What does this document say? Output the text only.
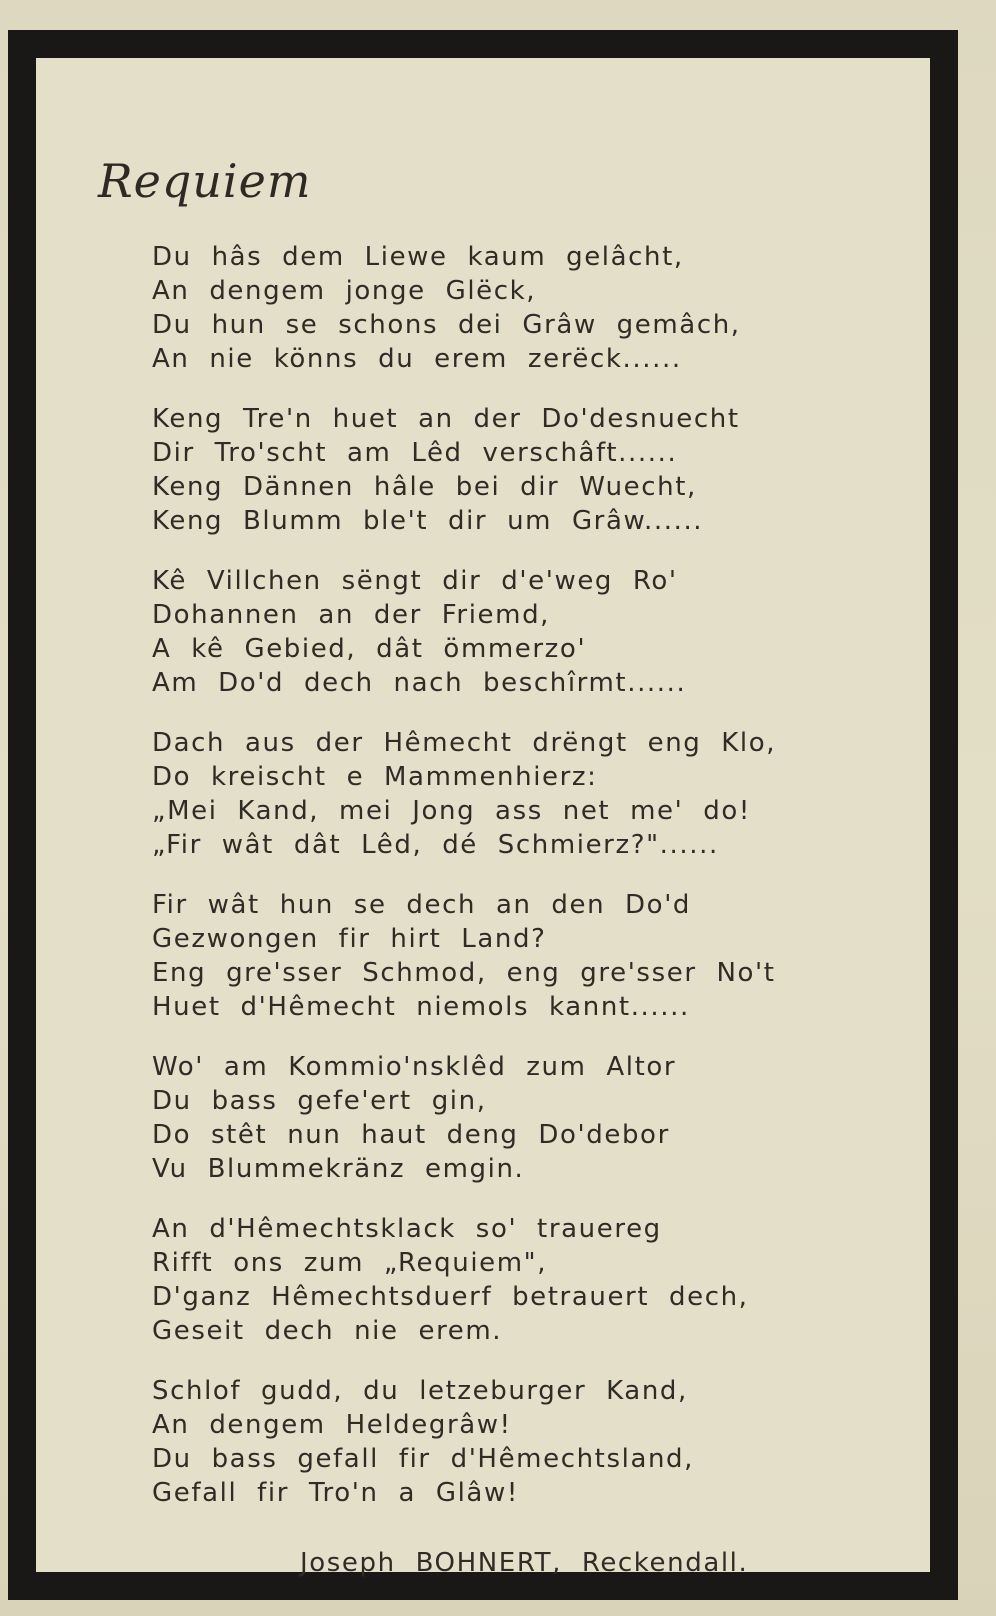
Requiem
Du hâs dem Liewe kaum gelâcht,
An dengem jonge Glëck,
Du hun se schons dei Grâw gemâch,
An nie könns du erem zerëck......
Keng Tre'n huet an der Do'desnuecht
Dir Tro'scht am Lêd verschâft......
Keng Dännen hâle bei dir Wuecht,
Keng Blumm ble't dir um Grâw......
Kê Villchen sëngt dir d'e'weg Ro'
Dohannen an der Friemd,
A kê Gebied, dât ömmerzo'
Am Do'd dech nach beschîrmt......
Dach aus der Hêmecht drëngt eng Klo,
Do kreischt e Mammenhierz:
„Mei Kand, mei Jong ass net me' do!
„Fir wât dât Lêd, dé Schmierz?"......
Fir wât hun se dech an den Do'd
Gezwongen fir hirt Land?
Eng gre'sser Schmod, eng gre'sser No't
Huet d'Hêmecht niemols kannt......
Wo' am Kommio'nsklêd zum Altor
Du bass gefe'ert gin,
Do stêt nun haut deng Do'debor
Vu Blummekränz emgin.
An d'Hêmechtsklack so' trauereg
Rifft ons zum „Requiem",
D'ganz Hêmechtsduerf betrauert dech,
Geseit dech nie erem.
Schlof gudd, du letzeburger Kand,
An dengem Heldegrâw!
Du bass gefall fir d'Hêmechtsland,
Gefall fir Tro'n a Glâw!
Joseph BOHNERT, Reckendall.
